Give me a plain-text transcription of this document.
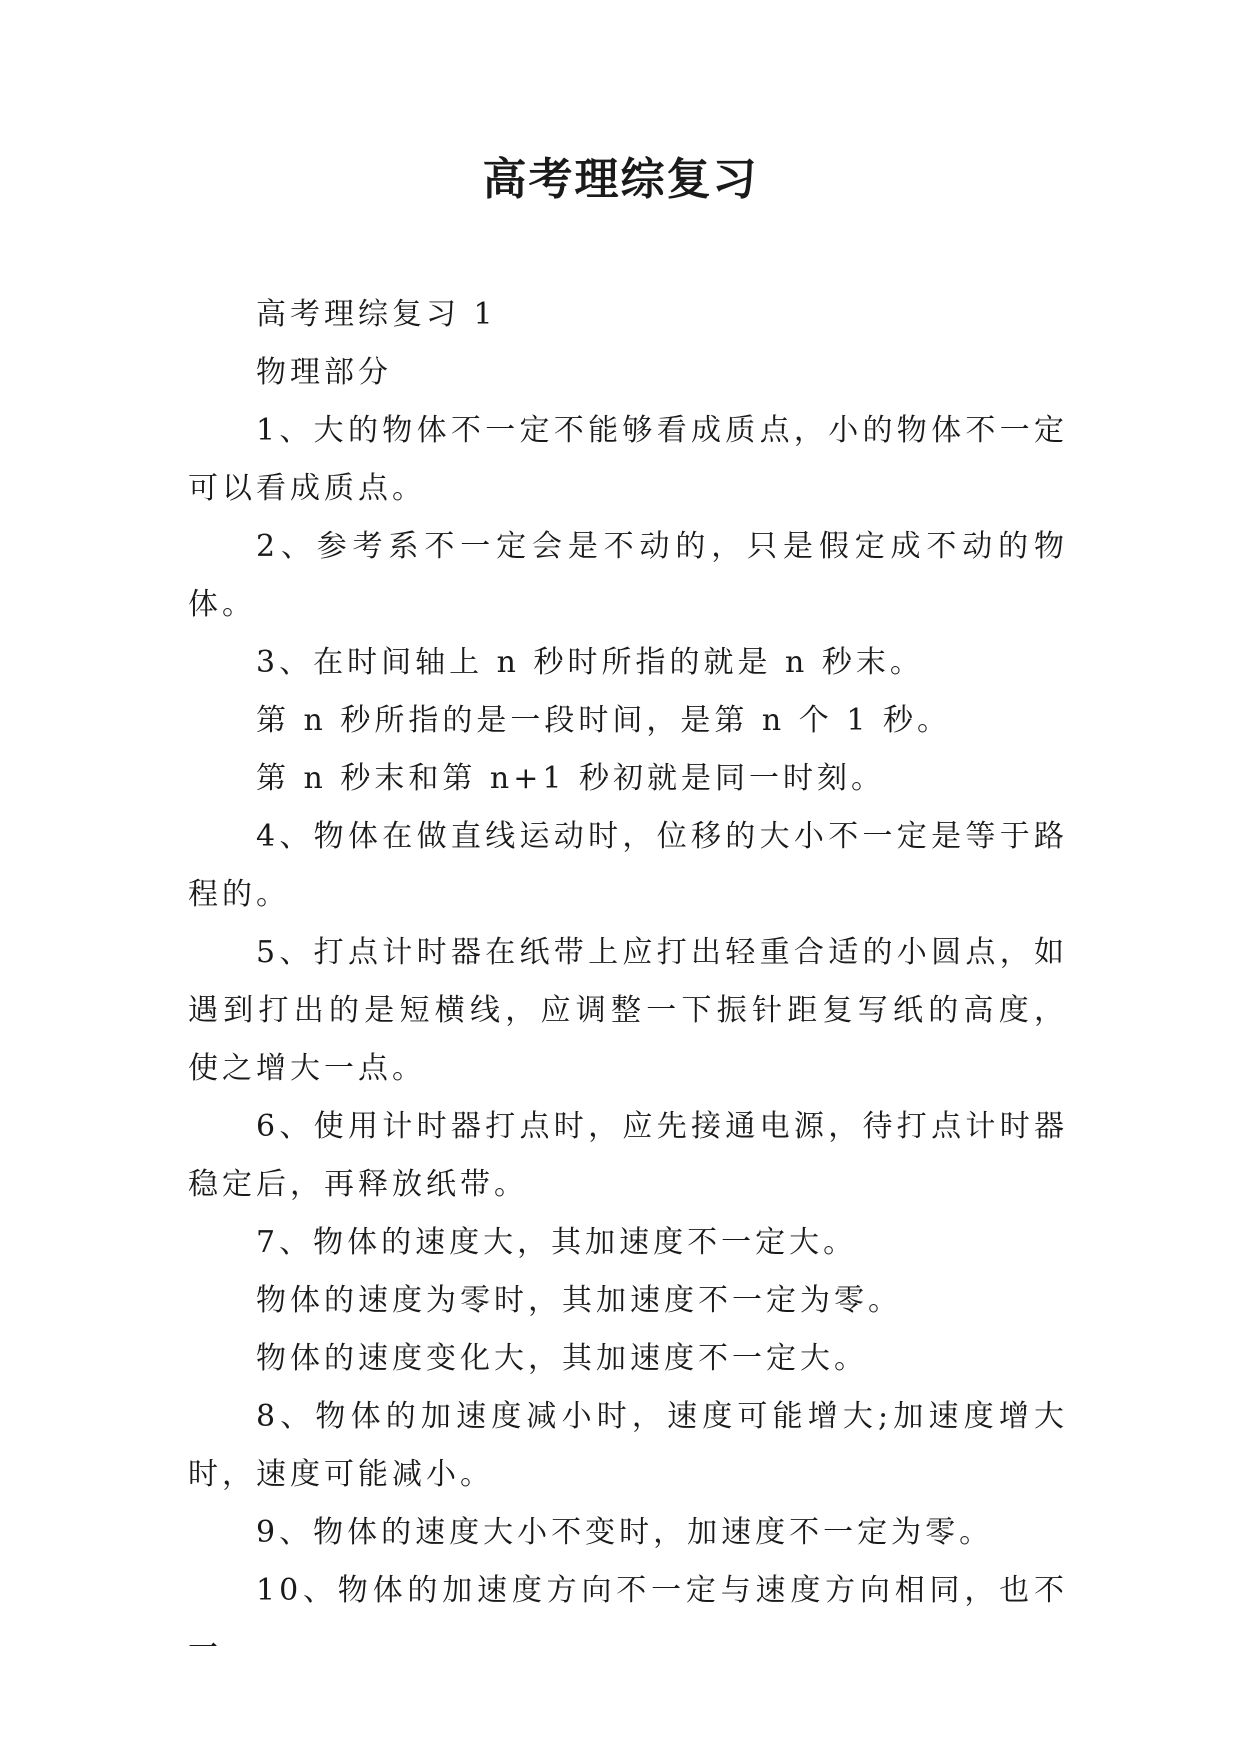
高考理综复习

高考理综复习 1

物理部分

1、大的物体不一定不能够看成质点，小的物体不一定可以看成质点。

2、参考系不一定会是不动的，只是假定成不动的物体。

3、在时间轴上 n 秒时所指的就是 n 秒末。

第 n 秒所指的是一段时间，是第 n 个 1 秒。

第 n 秒末和第 n+1 秒初就是同一时刻。

4、物体在做直线运动时，位移的大小不一定是等于路程的。

5、打点计时器在纸带上应打出轻重合适的小圆点，如遇到打出的是短横线，应调整一下振针距复写纸的高度，使之增大一点。

6、使用计时器打点时，应先接通电源，待打点计时器稳定后，再释放纸带。

7、物体的速度大，其加速度不一定大。

物体的速度为零时，其加速度不一定为零。

物体的速度变化大，其加速度不一定大。

8、物体的加速度减小时，速度可能增大;加速度增大时，速度可能减小。

9、物体的速度大小不变时，加速度不一定为零。

10、物体的加速度方向不一定与速度方向相同，也不一
